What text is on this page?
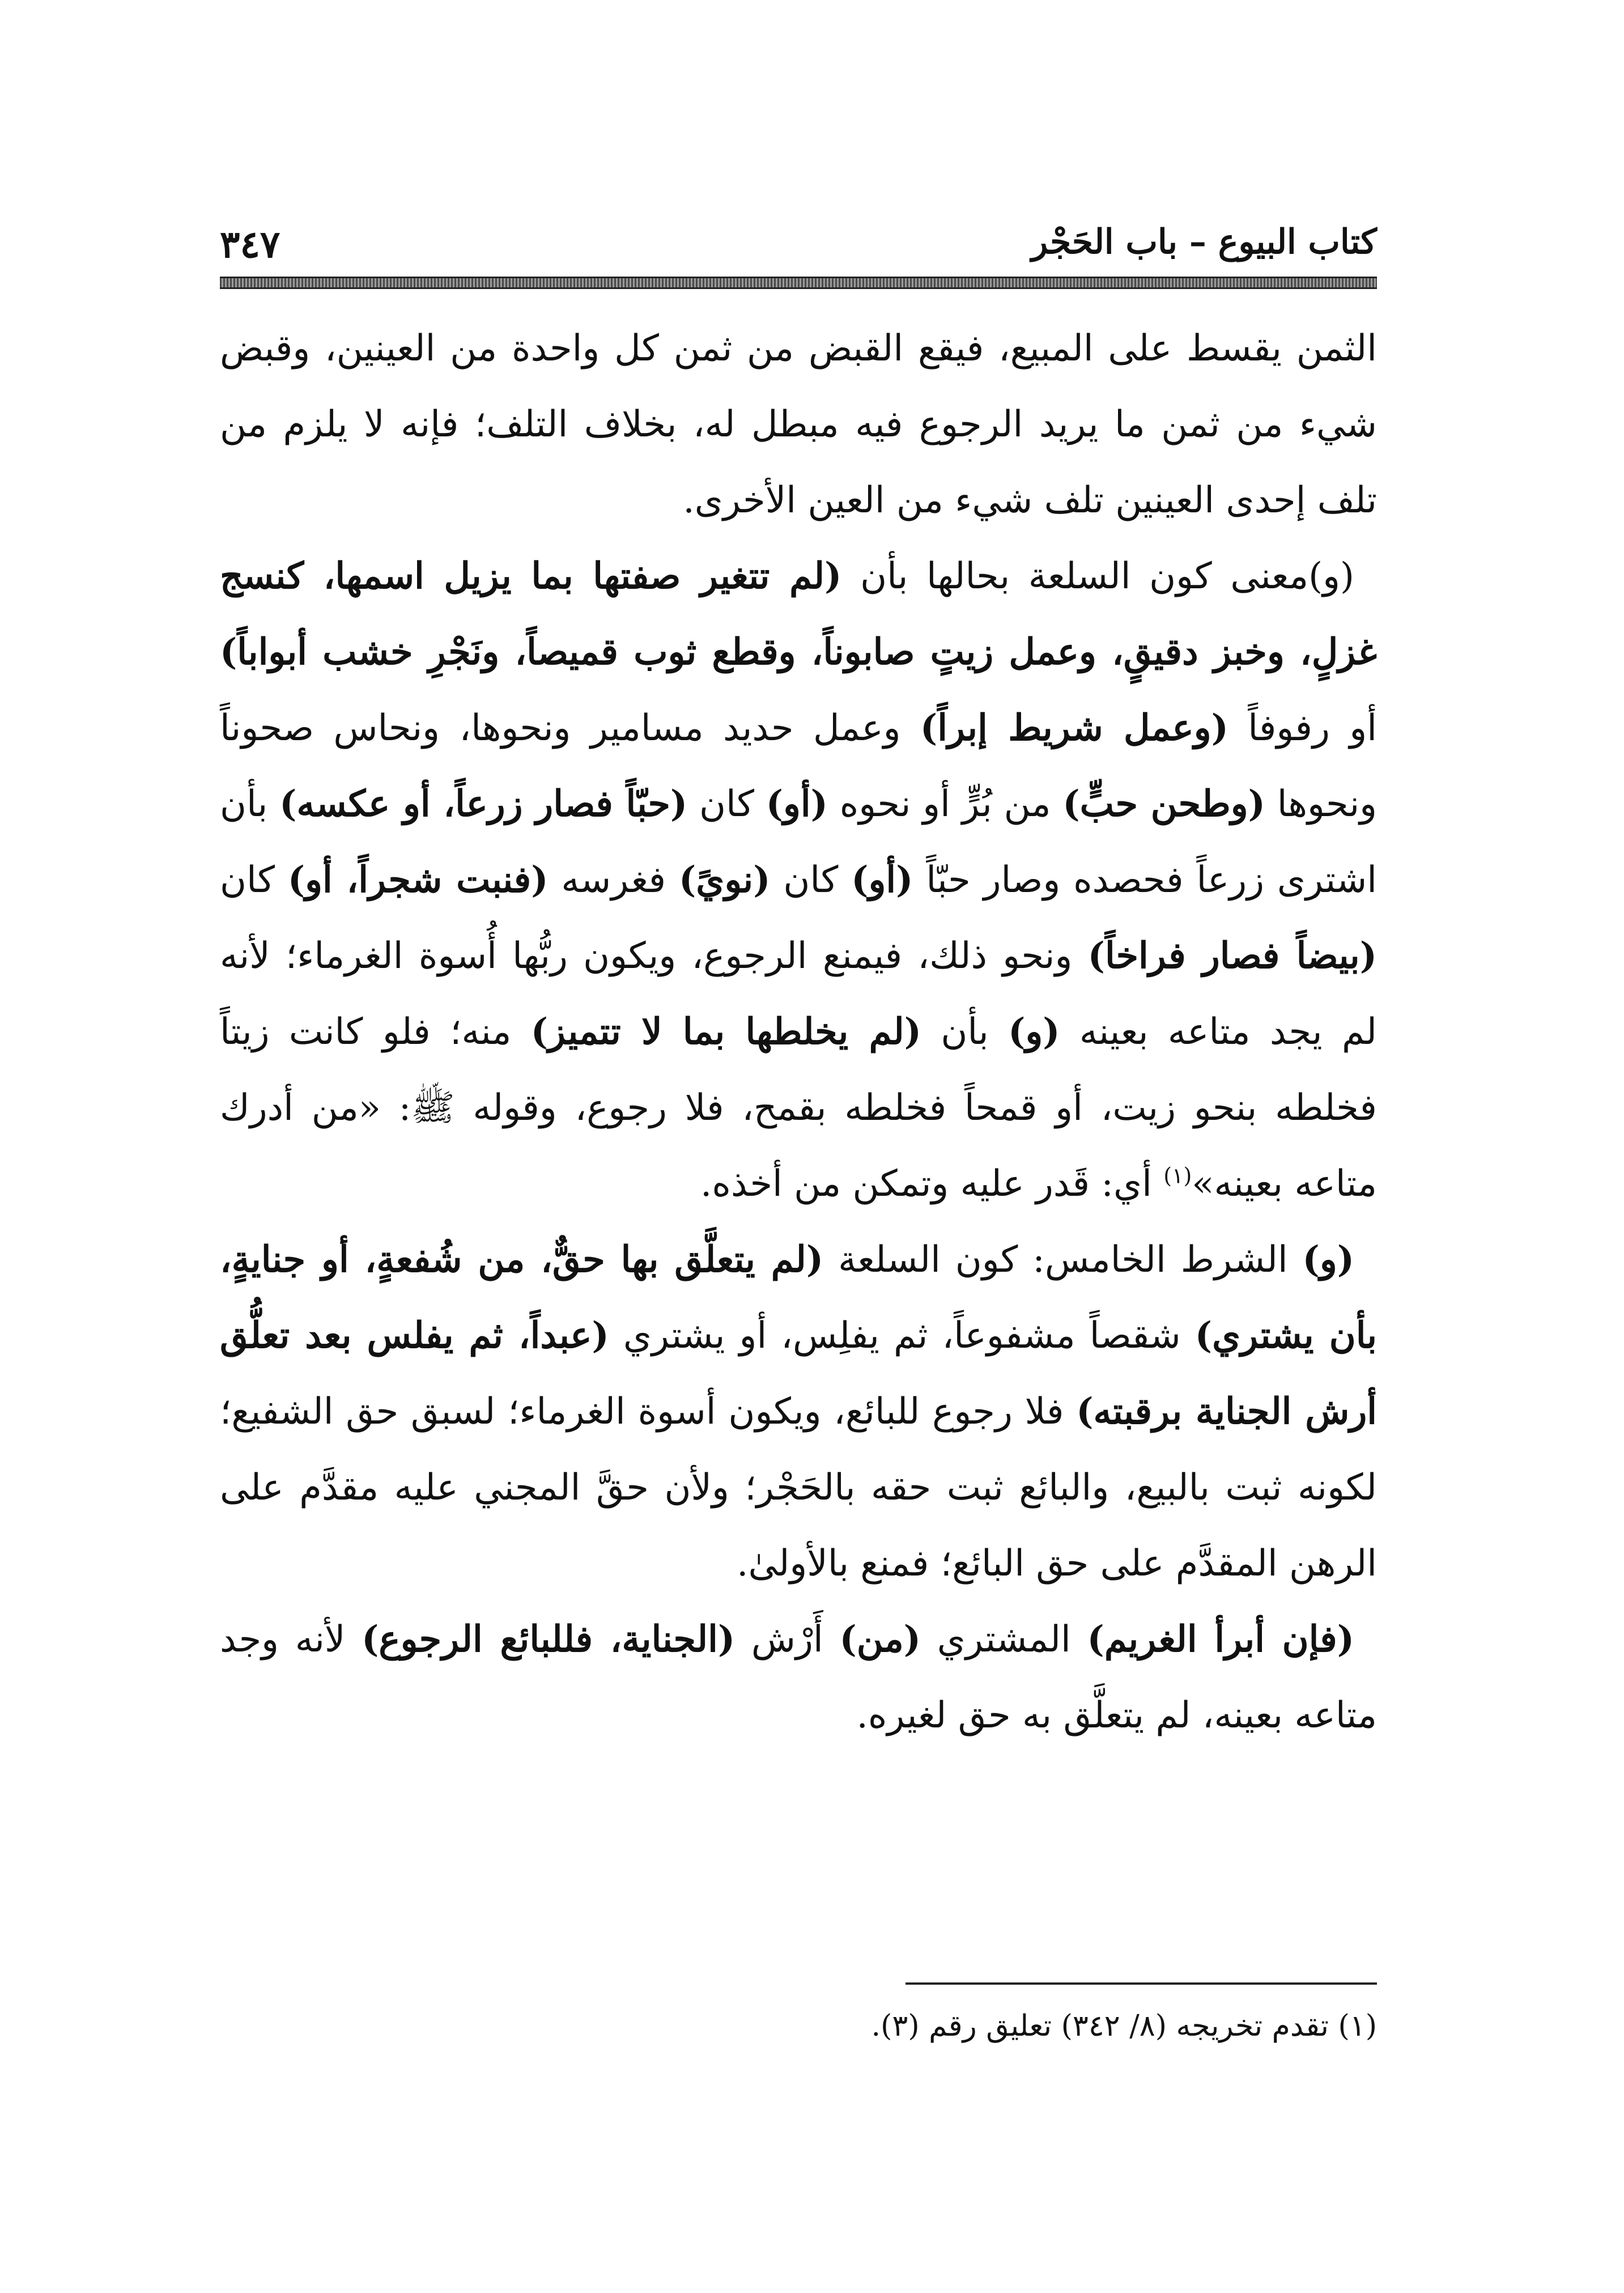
كتاب البيوع – باب الحَجْر
٣٤٧

الثمن يقسط على المبيع، فيقع القبض من ثمن كل واحدة من العينين، وقبض شيء من ثمن ما يريد الرجوع فيه مبطل له، بخلاف التلف؛ فإنه لا يلزم من تلف إحدى العينين تلف شيء من العين الأخرى.

(و)معنى كون السلعة بحالها بأن (لم تتغير صفتها بما يزيل اسمها، كنسج غزلٍ، وخبز دقيقٍ، وعمل زيتٍ صابوناً، وقطع ثوب قميصاً، ونَجْرِ خشب أبواباً) أو رفوفاً (وعمل شريط إبراً) وعمل حديد مسامير ونحوها، ونحاس صحوناً ونحوها (وطحن حبٍّ) من بُرٍّ أو نحوه (أو) كان (حبّاً فصار زرعاً، أو عكسه) بأن اشترى زرعاً فحصده وصار حبّاً (أو) كان (نويً) فغرسه (فنبت شجراً، أو) كان (بيضاً فصار فراخاً) ونحو ذلك، فيمنع الرجوع، ويكون ربُّها أُسوة الغرماء؛ لأنه لم يجد متاعه بعينه (و) بأن (لم يخلطها بما لا تتميز) منه؛ فلو كانت زيتاً فخلطه بنحو زيت، أو قمحاً فخلطه بقمح، فلا رجوع، وقوله ﷺ: «من أدرك متاعه بعينه»$^{(١)}$ أي: قَدر عليه وتمكن من أخذه.

(و) الشرط الخامس: كون السلعة (لم يتعلَّق بها حقٌّ، من شُفعةٍ، أو جنايةٍ، بأن يشتري) شقصاً مشفوعاً، ثم يفلِس، أو يشتري (عبداً، ثم يفلس بعد تعلُّق أرش الجناية برقبته) فلا رجوع للبائع، ويكون أسوة الغرماء؛ لسبق حق الشفيع؛ لكونه ثبت بالبيع، والبائع ثبت حقه بالحَجْر؛ ولأن حقَّ المجني عليه مقدَّم على الرهن المقدَّم على حق البائع؛ فمنع بالأولىٰ.

(فإن أبرأ الغريم) المشتري (من) أَرْش (الجناية، فللبائع الرجوع) لأنه وجد متاعه بعينه، لم يتعلَّق به حق لغيره.

(١) تقدم تخريجه (٨/ ٣٤٢) تعليق رقم (٣).
